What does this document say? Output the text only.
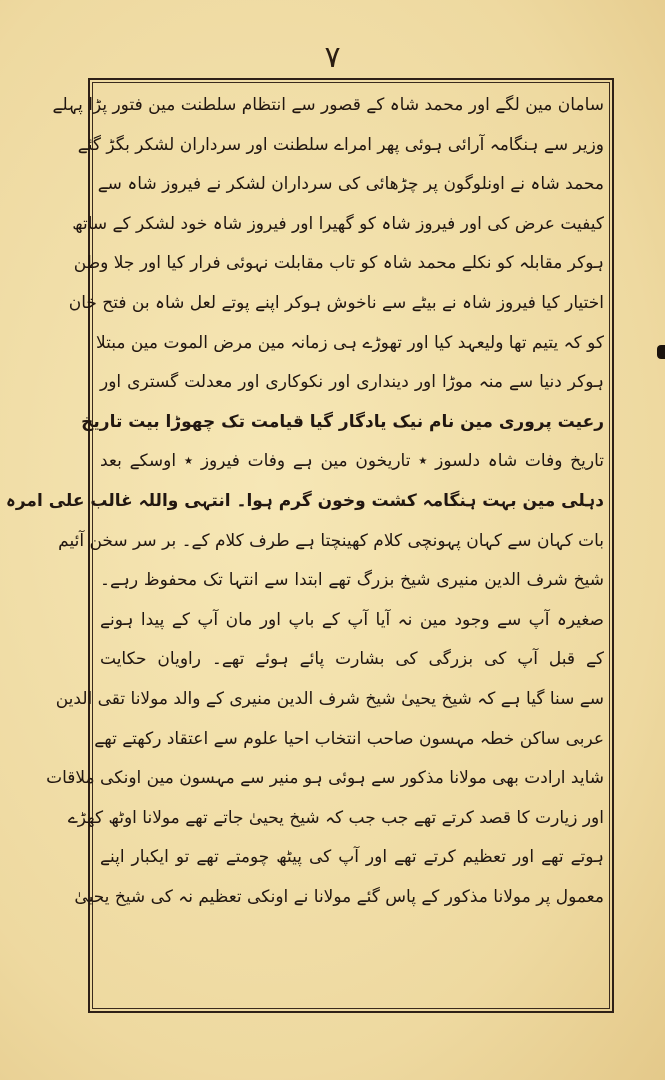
۷
سامان مین لگے اور محمد شاہ کے قصور سے انتظام سلطنت مین فتور پڑا پہلے
وزیر سے ہنگامہ آرائی ہوئی پھر امراے سلطنت اور سرداران لشکر بگڑ گئے
محمد شاہ نے اونلوگون پر چڑھائی کی سرداران لشکر نے فیروز شاہ سے
کیفیت عرض کی اور فیروز شاہ کو گھیرا اور فیروز شاہ خود لشکر کے ساتھ
ہوکر مقابلہ کو نکلے محمد شاہ کو تاب مقابلت نہوئی فرار کیا اور جلا وطن
اختیار کیا فیروز شاہ نے بیٹے سے ناخوش ہوکر اپنے پوتے لعل شاہ بن فتح خان
کو کہ یتیم تھا ولیعہد کیا اور تھوڑے ہی زمانہ مین مرض الموت مین مبتلا
ہوکر دنیا سے منہ موڑا اور دینداری اور نکوکاری اور معدلت گستری اور
رعیت پروری مین نام نیک یادگار گیا قیامت تک چھوڑا بیت تاریخ
تاریخ وفات شاہ دلسوز ٭ تاریخون مین ہے وفات فیروز ٭ اوسکے بعد
دہلی مین بہت ہنگامہ کشت وخون گرم ہوا۔ انتہی واللہ غالب علی امرہ
بات کہان سے کہان پہونچی کلام کھینچتا ہے طرف کلام کے۔ بر سر سخن آئیم
شیخ شرف الدین منیری شیخ بزرگ تھے ابتدا سے انتہا تک محفوظ رہے۔
صغیرہ آپ سے وجود مین نہ آیا آپ کے باپ اور مان آپ کے پیدا ہونے
کے قبل آپ کی بزرگی کی بشارت پائے ہوئے تھے۔ راویان حکایت
سے سنا گیا ہے کہ شیخ یحییٰ شیخ شرف الدین منیری کے والد مولانا تقی الدین
عربی ساکن خطہ مہسون صاحب انتخاب احیا علوم سے اعتقاد رکھتے تھے
شاید ارادت بھی مولانا مذکور سے ہوئی ہو منیر سے مہسون مین اونکی ملاقات
اور زیارت کا قصد کرتے تھے جب جب کہ شیخ یحییٰ جاتے تھے مولانا اوٹھ کھڑے
ہوتے تھے اور تعظیم کرتے تھے اور آپ کی پیٹھ چومتے تھے تو ایکبار اپنے
معمول پر مولانا مذکور کے پاس گئے مولانا نے اونکی تعظیم نہ کی شیخ یحییٰ
